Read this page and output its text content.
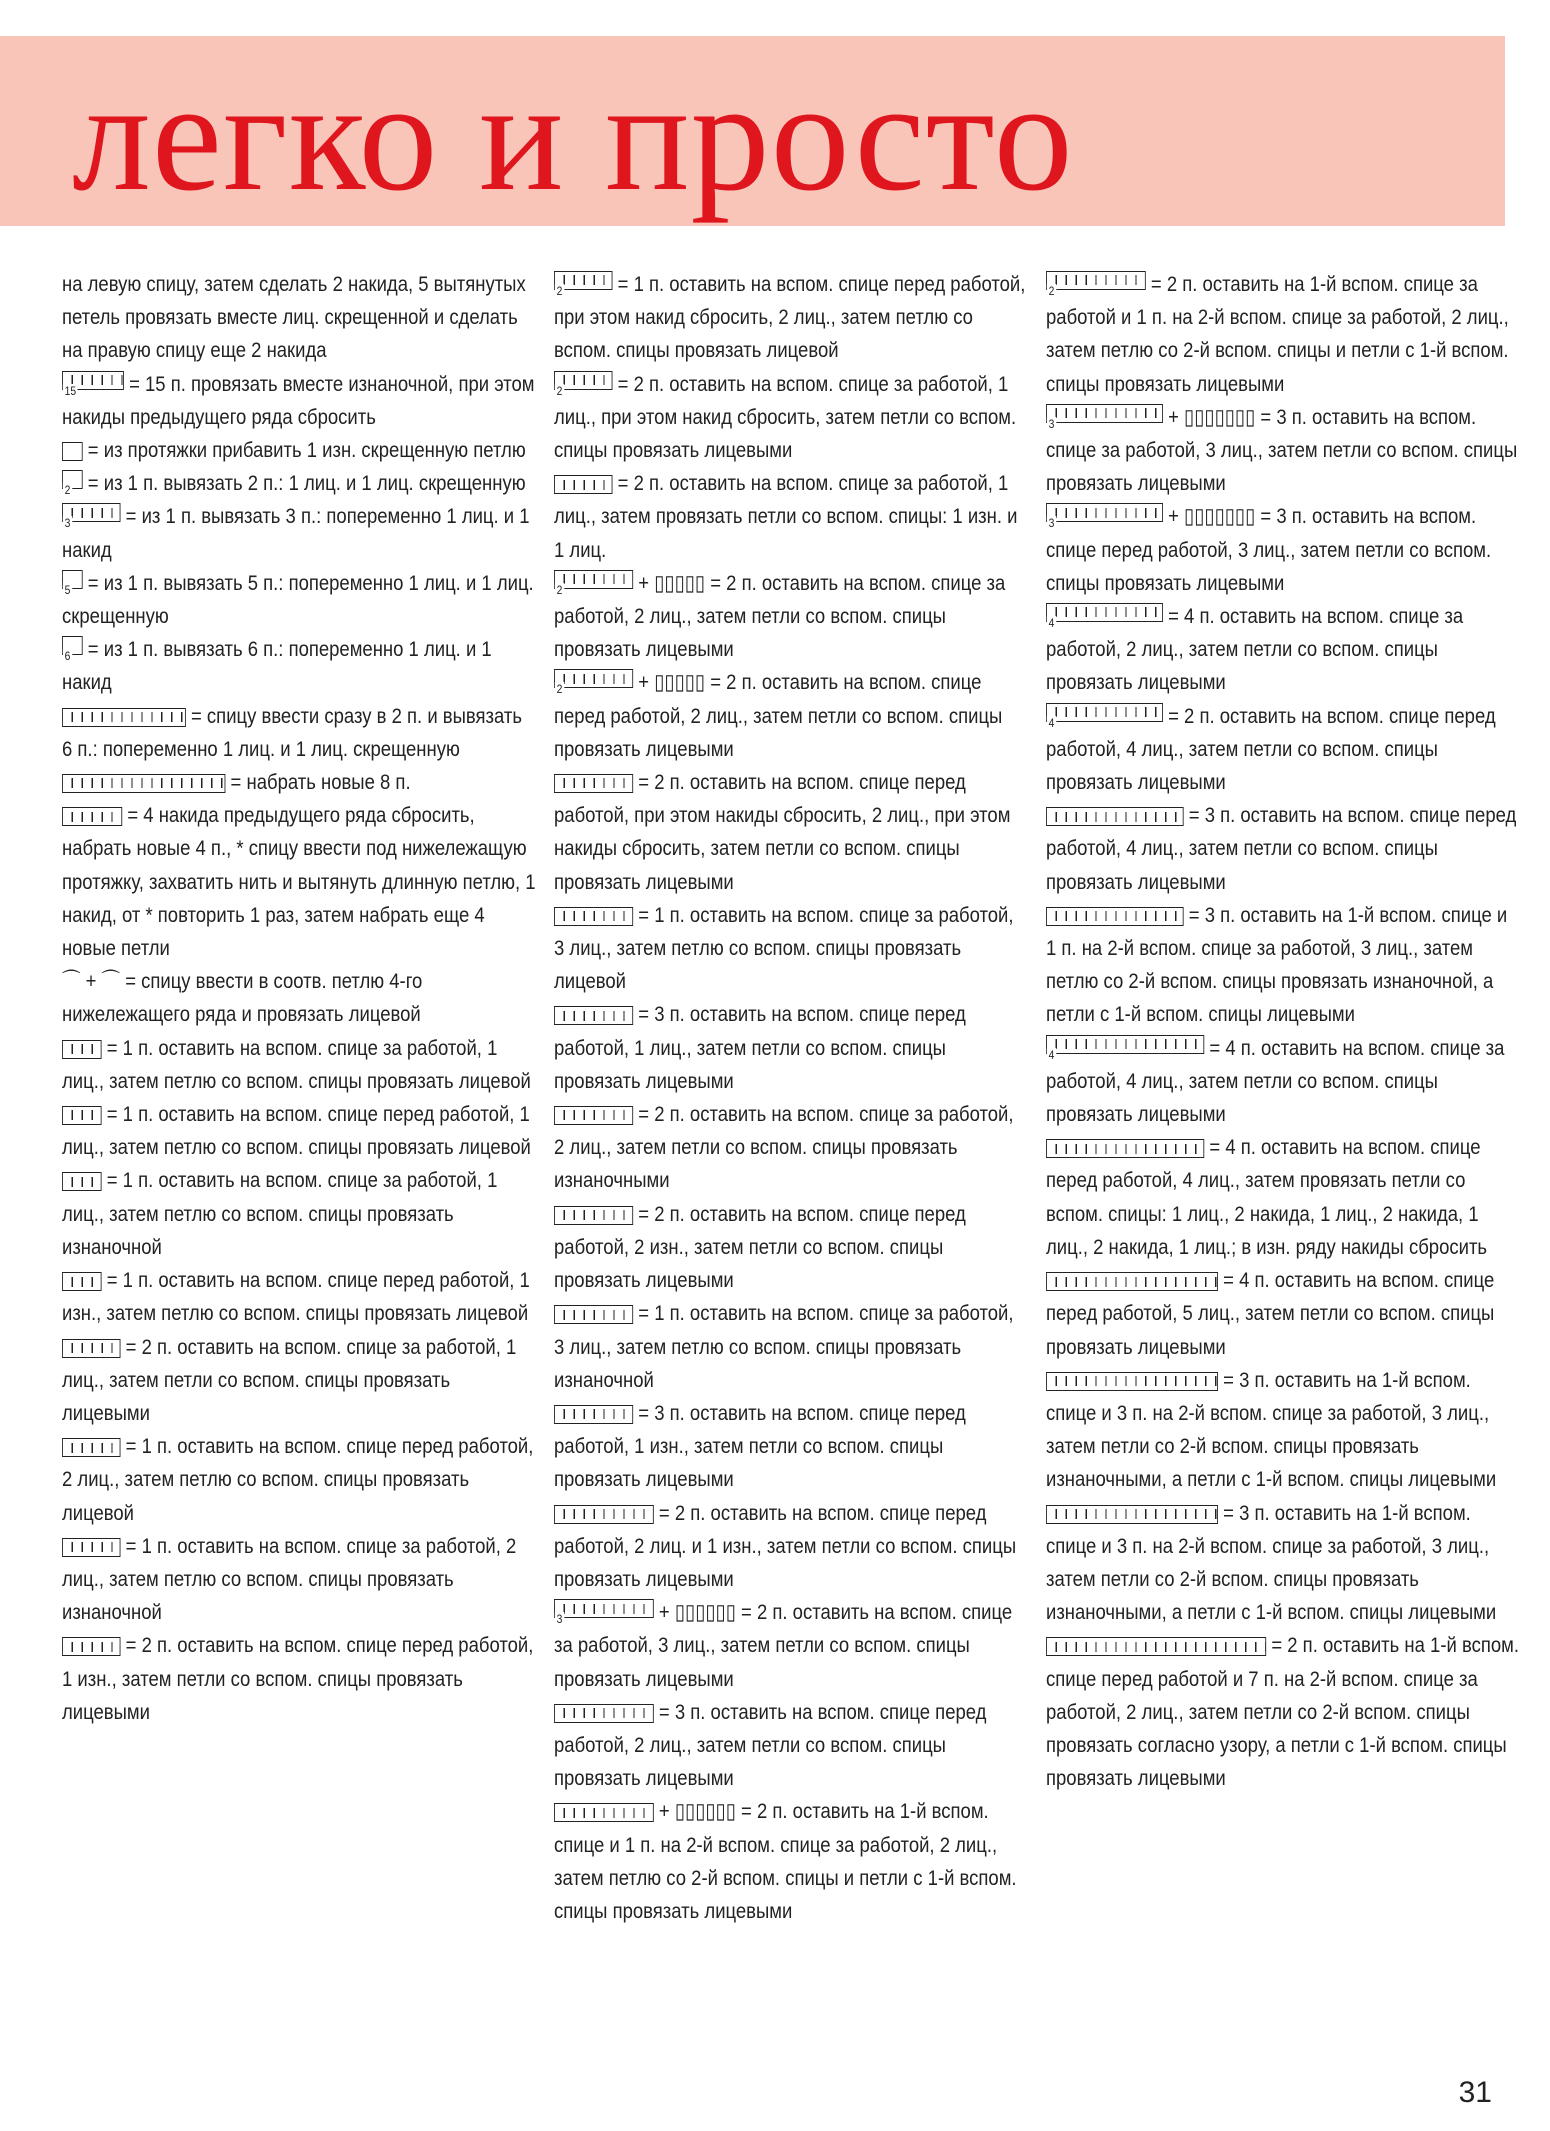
легко и просто

на левую спицу, затем сделать 2 накида, 5 вытянутых петель провязать вместе лиц. скрещенной и сделать на правую спицу еще 2 накида

15 = 15 п. провязать вместе изнаночной, при этом накиды предыдущего ряда сбросить

= из протяжки прибавить 1 изн. скрещенную петлю

2 = из 1 п. вывязать 2 п.: 1 лиц. и 1 лиц. скрещенную

3	= из 1 п. вывязать 3 п.: попеременно 1 лиц. и 1 накид

5 = из 1 п. вывязать 5 п.: попеременно 1 лиц. и 1 лиц. скрещенную

6 = из 1 п. вывязать 6 п.: попеременно 1 лиц. и 1 накид

= спицу ввести сразу в 2 п. и вывязать 6 п.: попеременно 1 лиц. и 1 лиц. скрещенную

= набрать новые 8 п.

= 4 накида предыдущего ряда сбросить, набрать новые 4 п., * спицу ввести под нижележащую протяжку, захватить нить и вытянуть длинную петлю, 1 накид, от * повторить 1 раз, затем набрать еще 4 новые петли

⌒ + ⌒ = спицу ввести в соотв. петлю 4-го нижележащего ряда и провязать лицевой

= 1 п. оставить на вспом. спице за работой, 1 лиц., затем петлю со вспом. спицы провязать лицевой

= 1 п. оставить на вспом. спице перед работой, 1 лиц., затем петлю со вспом. спицы провязать лицевой

= 1 п. оставить на вспом. спице за работой, 1 лиц., затем петлю со вспом. спицы провязать изнаночной

= 1 п. оставить на вспом. спице перед работой, 1 изн., затем петлю со вспом. спицы провязать лицевой

= 2 п. оставить на вспом. спице за работой, 1 лиц., затем петли со вспом. спицы провязать лицевыми

= 1 п. оставить на вспом. спице перед работой, 2 лиц., затем петлю со вспом. спицы провязать лицевой

= 1 п. оставить на вспом. спице за работой, 2 лиц., затем петлю со вспом. спицы провязать изнаночной

= 2 п. оставить на вспом. спице перед работой, 1 изн., затем петли со вспом. спицы провязать лицевыми

2	= 1 п. оставить на вспом. спице перед работой, при этом накид сбросить, 2 лиц., затем петлю со вспом. спицы провязать лицевой

2	= 2 п. оставить на вспом. спице за работой, 1 лиц., при этом накид сбросить, затем петли со вспом. спицы провязать лицевыми

= 2 п. оставить на вспом. спице за работой, 1 лиц., затем провязать петли со вспом. спицы: 1 изн. и 1 лиц.

2	+ ▯▯▯▯▯ = 2 п. оставить на вспом. спице за работой, 2 лиц., затем петли со вспом. спицы провязать лицевыми

2	+ ▯▯▯▯▯ = 2 п. оставить на вспом. спице перед работой, 2 лиц., затем петли со вспом. спицы провязать лицевыми

= 2 п. оставить на вспом. спице перед работой, при этом накиды сбросить, 2 лиц., при этом накиды сбросить, затем петли со вспом. спицы провязать лицевыми

= 1 п. оставить на вспом. спице за работой, 3 лиц., затем петлю со вспом. спицы провязать лицевой

= 3 п. оставить на вспом. спице перед работой, 1 лиц., затем петли со вспом. спицы провязать лицевыми

= 2 п. оставить на вспом. спице за работой, 2 лиц., затем петли со вспом. спицы провязать изнаночными

= 2 п. оставить на вспом. спице перед работой, 2 изн., затем петли со вспом. спицы провязать лицевыми

= 1 п. оставить на вспом. спице за работой, 3 лиц., затем петлю со вспом. спицы провязать изнаночной

= 3 п. оставить на вспом. спице перед работой, 1 изн., затем петли со вспом. спицы провязать лицевыми

= 2 п. оставить на вспом. спице перед работой, 2 лиц. и 1 изн., затем петли со вспом. спицы провязать лицевыми

3	+ ▯▯▯▯▯▯ = 2 п. оставить на вспом. спице за работой, 3 лиц., затем петли со вспом. спицы провязать лицевыми

= 3 п. оставить на вспом. спице перед работой, 2 лиц., затем петли со вспом. спицы провязать лицевыми

+ ▯▯▯▯▯▯ = 2 п. оставить на 1-й вспом. спице и 1 п. на 2-й вспом. спице за работой, 2 лиц., затем петлю со 2-й вспом. спицы и петли с 1-й вспом. спицы провязать лицевыми

2	= 2 п. оставить на 1-й вспом. спице за работой и 1 п. на 2-й вспом. спице за работой, 2 лиц., затем петлю со 2-й вспом. спицы и петли с 1-й вспом. спицы провязать лицевыми

3	+ ▯▯▯▯▯▯▯ = 3 п. оставить на вспом. спице за работой, 3 лиц., затем петли со вспом. спицы провязать лицевыми

3	+ ▯▯▯▯▯▯▯ = 3 п. оставить на вспом. спице перед работой, 3 лиц., затем петли со вспом. спицы провязать лицевыми

4	= 4 п. оставить на вспом. спице за работой, 2 лиц., затем петли со вспом. спицы провязать лицевыми

4	= 2 п. оставить на вспом. спице перед работой, 4 лиц., затем петли со вспом. спицы провязать лицевыми

= 3 п. оставить на вспом. спице перед работой, 4 лиц., затем петли со вспом. спицы провязать лицевыми

= 3 п. оставить на 1-й вспом. спице и 1 п. на 2-й вспом. спице за работой, 3 лиц., затем петлю со 2-й вспом. спицы провязать изнаночной, а петли с 1-й вспом. спицы лицевыми

4	= 4 п. оставить на вспом. спице за работой, 4 лиц., затем петли со вспом. спицы провязать лицевыми

= 4 п. оставить на вспом. спице перед работой, 4 лиц., затем провязать петли со вспом. спицы: 1 лиц., 2 накида, 1 лиц., 2 накида, 1 лиц., 2 накида, 1 лиц.; в изн. ряду накиды сбросить

= 4 п. оставить на вспом. спице перед работой, 5 лиц., затем петли со вспом. спицы провязать лицевыми

= 3 п. оставить на 1-й вспом. спице и 3 п. на 2-й вспом. спице за работой, 3 лиц., затем петли со 2-й вспом. спицы провязать изнаночными, а петли с 1-й вспом. спицы лицевыми

= 3 п. оставить на 1-й вспом. спице и 3 п. на 2-й вспом. спице за работой, 3 лиц., затем петли со 2-й вспом. спицы провязать изнаночными, а петли с 1-й вспом. спицы лицевыми

= 2 п. оставить на 1-й вспом. спице перед работой и 7 п. на 2-й вспом. спице за работой, 2 лиц., затем петли со 2-й вспом. спицы провязать согласно узору, а петли с 1-й вспом. спицы провязать лицевыми

31
